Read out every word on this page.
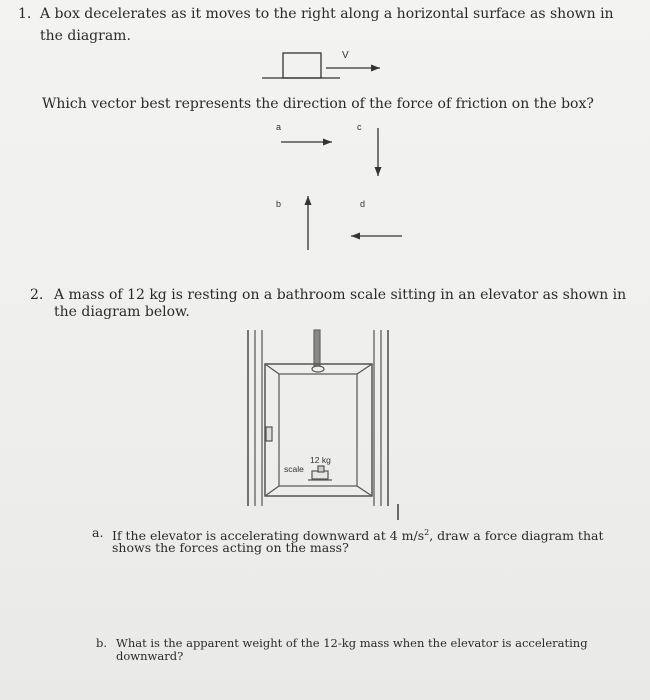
1. A box decelerates as it moves to the right along a horizontal surface as shown in
the diagram.
V
Which vector best represents the direction of the force of friction on the box?
a	c
b	d
2. A mass of 12 kg is resting on a bathroom scale sitting in an elevator as shown in
the diagram below.
12 kg
scale
a. If the elevator is accelerating downward at 4 $m/s^2$, draw a force diagram that
shows the forces acting on the mass?
b. What is the apparent weight of the 12-kg mass when the elevator is accelerating
downward?
